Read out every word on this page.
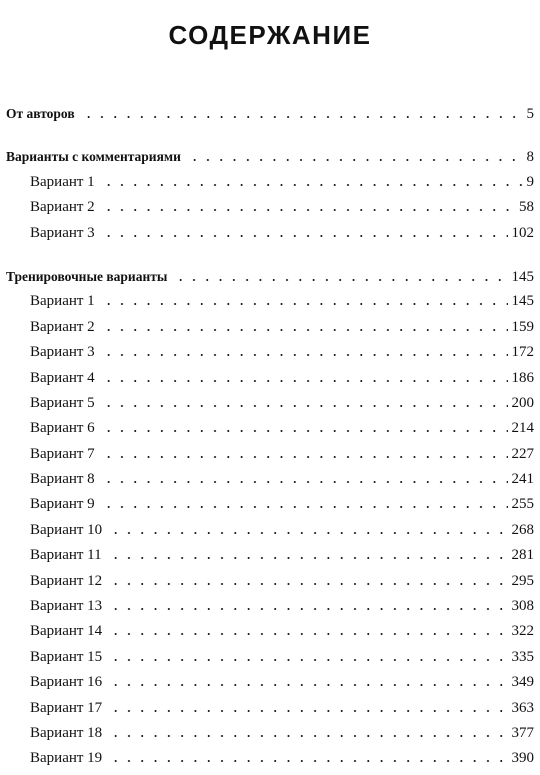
СОДЕРЖАНИЕ
От авторов	5
Варианты с комментариями	8
Вариант 1	9
Вариант 2	58
Вариант 3	102
Тренировочные варианты	145
Вариант 1	145
Вариант 2	159
Вариант 3	172
Вариант 4	186
Вариант 5	200
Вариант 6	214
Вариант 7	227
Вариант 8	241
Вариант 9	255
Вариант 10	268
Вариант 11	281
Вариант 12	295
Вариант 13	308
Вариант 14	322
Вариант 15	335
Вариант 16	349
Вариант 17	363
Вариант 18	377
Вариант 19	390
